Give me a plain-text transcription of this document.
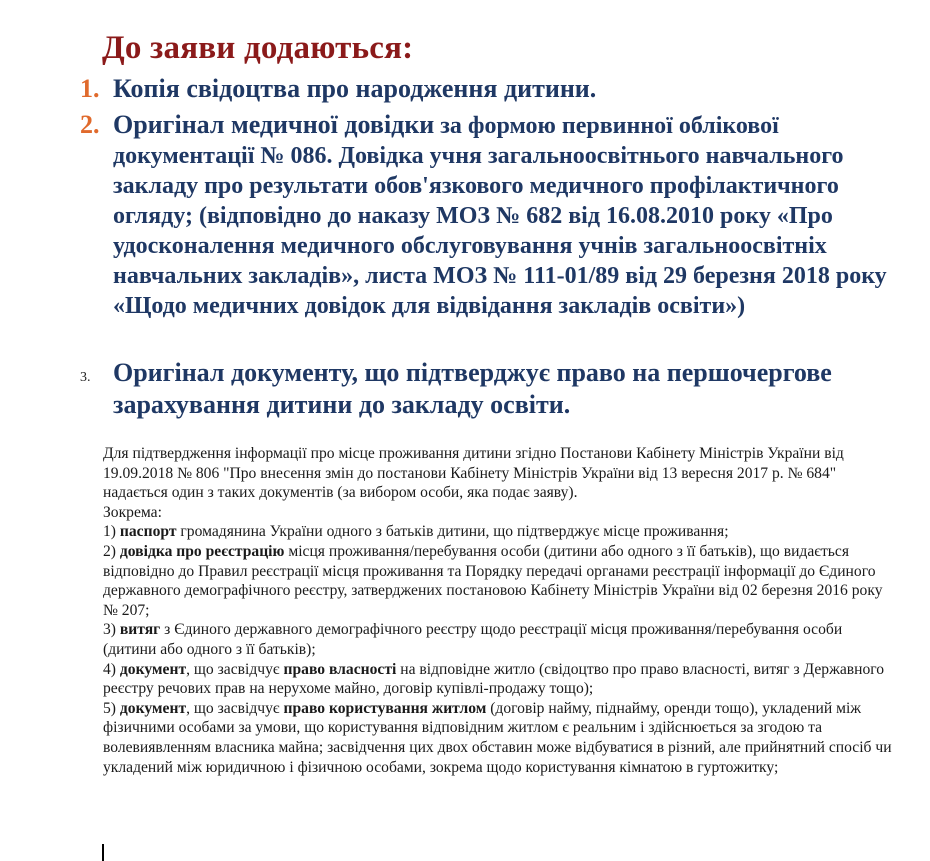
До заяви додаються:
1. Копія свідоцтва про народження дитини.
2. Оригінал медичної довідки за формою первинної облікової документації № 086. Довідка учня загальноосвітнього навчального закладу про результати обов'язкового медичного профілактичного огляду; (відповідно до наказу МОЗ № 682 від 16.08.2010 року «Про удосконалення медичного обслуговування учнів загальноосвітніх навчальних закладів», листа МОЗ № 111-01/89 від 29 березня 2018 року «Щодо медичних довідок для відвідання закладів освіти»)
3. Оригінал документу, що підтверджує право на першочергове зарахування дитини до закладу освіти.

Для підтвердження інформації про місце проживання дитини згідно Постанови Кабінету Міністрів України від 19.09.2018 № 806 "Про внесення змін до постанови Кабінету Міністрів України від 13 вересня 2017 р. № 684" надається один з таких документів (за вибором особи, яка подає заяву).

Зокрема:

1) паспорт громадянина України одного з батьків дитини, що підтверджує місце проживання;

2) довідка про реєстрацію місця проживання/перебування особи (дитини або одного з її батьків), що видається відповідно до Правил реєстрації місця проживання та Порядку передачі органами реєстрації інформації до Єдиного державного демографічного реєстру, затверджених постановою Кабінету Міністрів України від 02 березня 2016 року № 207;

3) витяг з Єдиного державного демографічного реєстру щодо реєстрації місця проживання/перебування особи (дитини або одного з її батьків);

4) документ, що засвідчує право власності на відповідне житло (свідоцтво про право власності, витяг з Державного реєстру речових прав на нерухоме майно, договір купівлі-продажу тощо);

5) документ, що засвідчує право користування житлом (договір найму, піднайму, оренди тощо), укладений між фізичними особами за умови, що користування відповідним житлом є реальним і здійснюється за згодою та волевиявленням власника майна; засвідчення цих двох обставин може відбуватися в різний, але прийнятний спосіб чи укладений між юридичною і фізичною особами, зокрема щодо користування кімнатою в гуртожитку;
